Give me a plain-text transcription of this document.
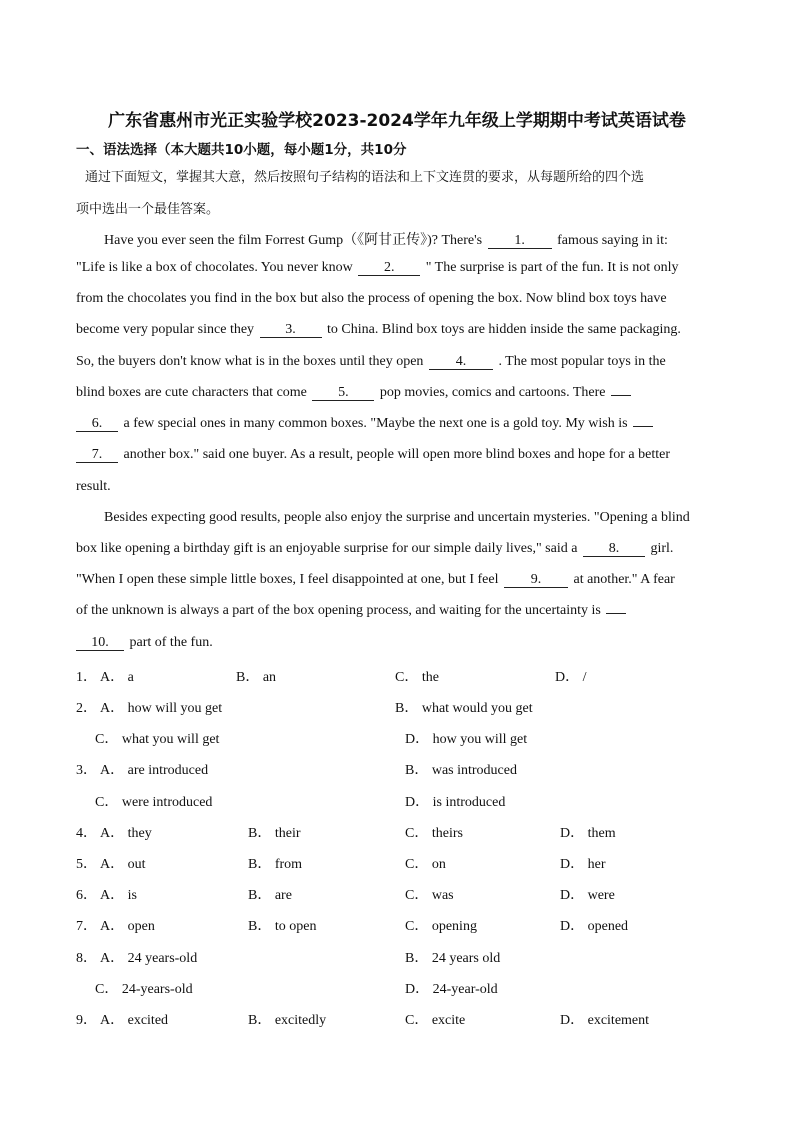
广东省惠州市光正实验学校2023-2024学年九年级上学期期中考试英语试卷
一、语法选择（本大题共10小题，每小题1分，共10分
通过下面短文，掌握其大意，然后按照句子结构的语法和上下文连贯的要求，从每题所给的四个选
项中选出一个最佳答案。
Have you ever seen the film Forrest Gump（《阿甘正传》)? There's 1. famous saying in it:
"Life is like a box of chocolates. You never know 2. " The surprise is part of the fun. It is not only
from the chocolates you find in the box but also the process of opening the box. Now blind box toys have
become very popular since they 3. to China. Blind box toys are hidden inside the same packaging.
So, the buyers don't know what is in the boxes until they open 4. . The most popular toys in the
blind boxes are cute characters that come 5. pop movies, comics and cartoons. There
6. a few special ones in many common boxes. "Maybe the next one is a gold toy. My wish is
7. another box." said one buyer. As a result, people will open more blind boxes and hope for a better
result.
Besides expecting good results, people also enjoy the surprise and uncertain mysteries. "Opening a blind
box like opening a birthday gift is an enjoyable surprise for our simple daily lives," said a 8. girl.
"When I open these simple little boxes, I feel disappointed at one, but I feel 9. at another." A fear
of the unknown is always a part of the box opening process, and waiting for the uncertainty is
10. part of the fun.
1． A． a	B． an	C． the	D． /
2． A． how will you get	B． what would you get
C． what you will get	D． how you will get
3． A． are introduced	B． was introduced
C． were introduced	D． is introduced
4． A． they	B． their	C． theirs	D． them
5． A． out	B． from	C． on	D． her
6． A． is	B． are	C． was	D． were
7． A． open	B． to open	C． opening	D． opened
8． A． 24 years-old	B． 24 years old
C． 24-years-old	D． 24-year-old
9． A． excited	B． excitedly	C． excite	D． excitement
